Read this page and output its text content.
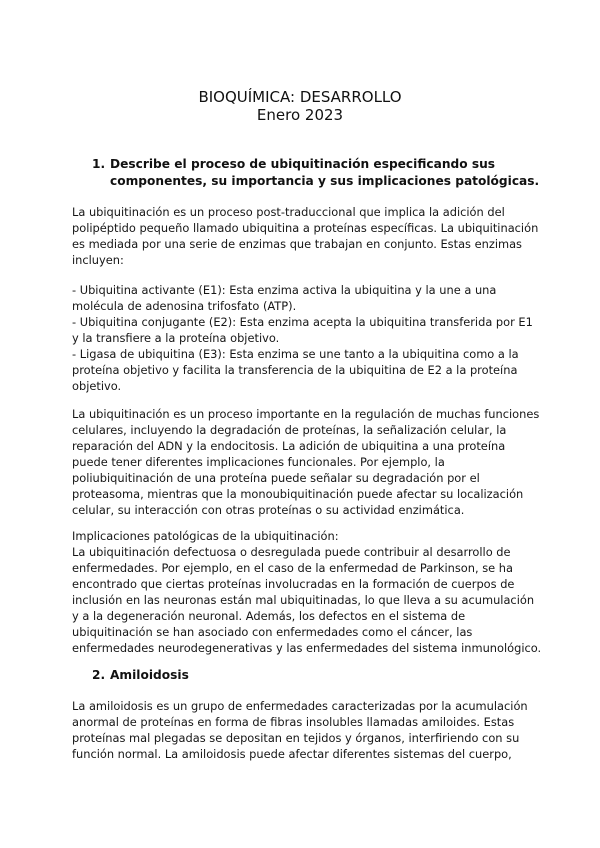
BIOQUÍMICA: DESARROLLO
Enero 2023
1. Describe el proceso de ubiquitinación especificando sus
componentes, su importancia y sus implicaciones patológicas.
La ubiquitinación es un proceso post-traduccional que implica la adición del
polipéptido pequeño llamado ubiquitina a proteínas específicas. La ubiquitinación
es mediada por una serie de enzimas que trabajan en conjunto. Estas enzimas
incluyen:
- Ubiquitina activante (E1): Esta enzima activa la ubiquitina y la une a una
molécula de adenosina trifosfato (ATP).
- Ubiquitina conjugante (E2): Esta enzima acepta la ubiquitina transferida por E1
y la transfiere a la proteína objetivo.
- Ligasa de ubiquitina (E3): Esta enzima se une tanto a la ubiquitina como a la
proteína objetivo y facilita la transferencia de la ubiquitina de E2 a la proteína
objetivo.
La ubiquitinación es un proceso importante en la regulación de muchas funciones
celulares, incluyendo la degradación de proteínas, la señalización celular, la
reparación del ADN y la endocitosis. La adición de ubiquitina a una proteína
puede tener diferentes implicaciones funcionales. Por ejemplo, la
poliubiquitinación de una proteína puede señalar su degradación por el
proteasoma, mientras que la monoubiquitinación puede afectar su localización
celular, su interacción con otras proteínas o su actividad enzimática.
Implicaciones patológicas de la ubiquitinación:
La ubiquitinación defectuosa o desregulada puede contribuir al desarrollo de
enfermedades. Por ejemplo, en el caso de la enfermedad de Parkinson, se ha
encontrado que ciertas proteínas involucradas en la formación de cuerpos de
inclusión en las neuronas están mal ubiquitinadas, lo que lleva a su acumulación
y a la degeneración neuronal. Además, los defectos en el sistema de
ubiquitinación se han asociado con enfermedades como el cáncer, las
enfermedades neurodegenerativas y las enfermedades del sistema inmunológico.
2. Amiloidosis
La amiloidosis es un grupo de enfermedades caracterizadas por la acumulación
anormal de proteínas en forma de fibras insolubles llamadas amiloides. Estas
proteínas mal plegadas se depositan en tejidos y órganos, interfiriendo con su
función normal. La amiloidosis puede afectar diferentes sistemas del cuerpo,
